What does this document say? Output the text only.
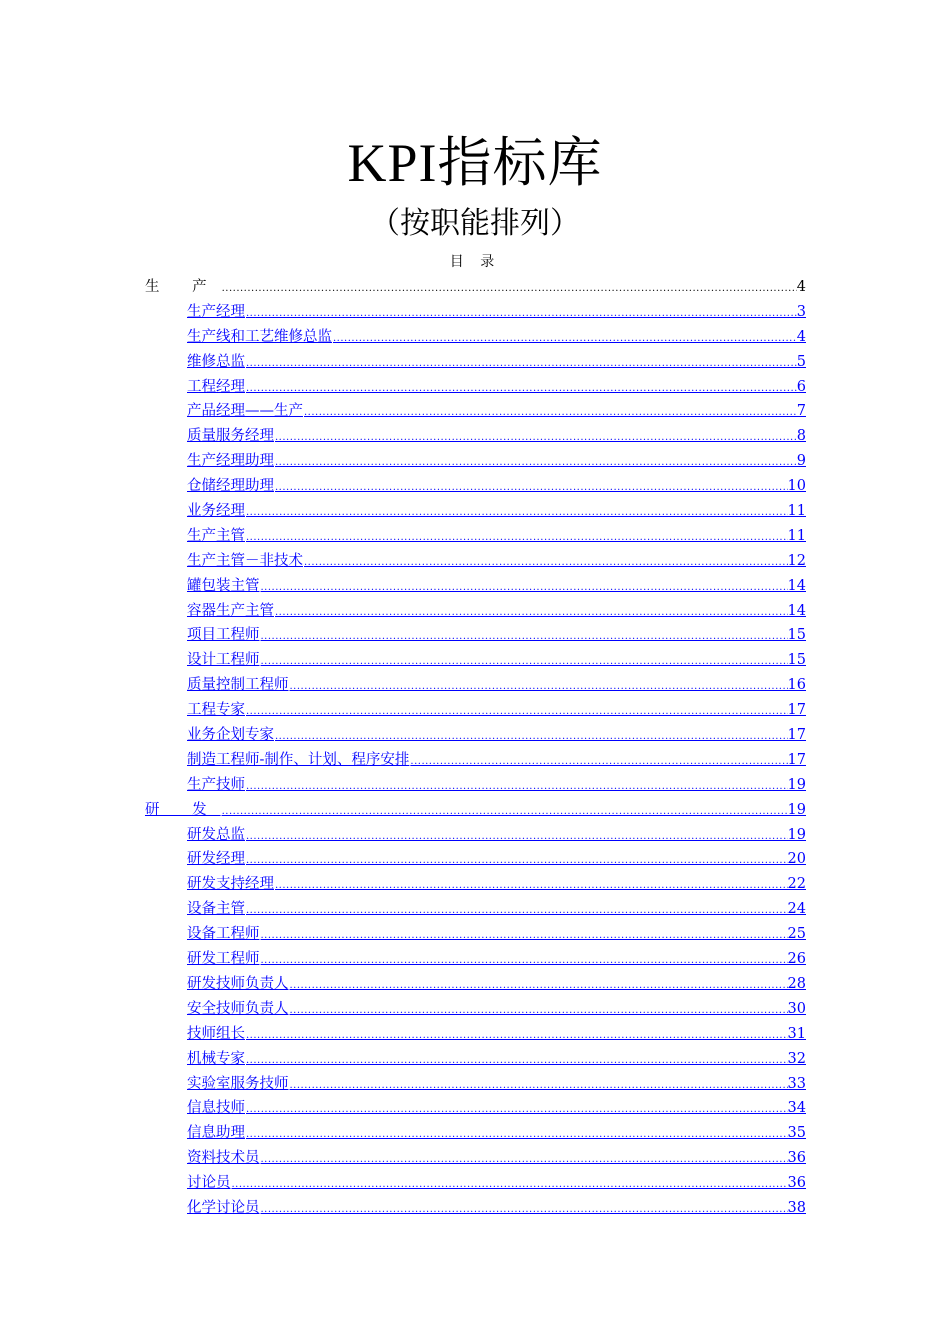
KPI指标库
（按职能排列）
目 录
生 产 .....	4
生产经理 .....	3
生产线和工艺维修总监 .....	4
维修总监 .....	5
工程经理 .....	6
产品经理——生产 .....	7
质量服务经理 .....	8
生产经理助理 .....	9
仓储经理助理 .....	10
业务经理 .....	11
生产主管 .....	11
生产主管－非技术 .....	12
罐包装主管 .....	14
容器生产主管 .....	14
项目工程师 .....	15
设计工程师 .....	15
质量控制工程师 .....	16
工程专家 .....	17
业务企划专家 .....	17
制造工程师-制作、计划、程序安排 .....	17
生产技师 .....	19
研 发 .....	19
研发总监 .....	19
研发经理 .....	20
研发支持经理 .....	22
设备主管 .....	24
设备工程师 .....	25
研发工程师 .....	26
研发技师负责人 .....	28
安全技师负责人 .....	30
技师组长 .....	31
机械专家 .....	32
实验室服务技师 .....	33
信息技师 .....	34
信息助理 .....	35
资料技术员 .....	36
讨论员 .....	36
化学讨论员 .....	38
